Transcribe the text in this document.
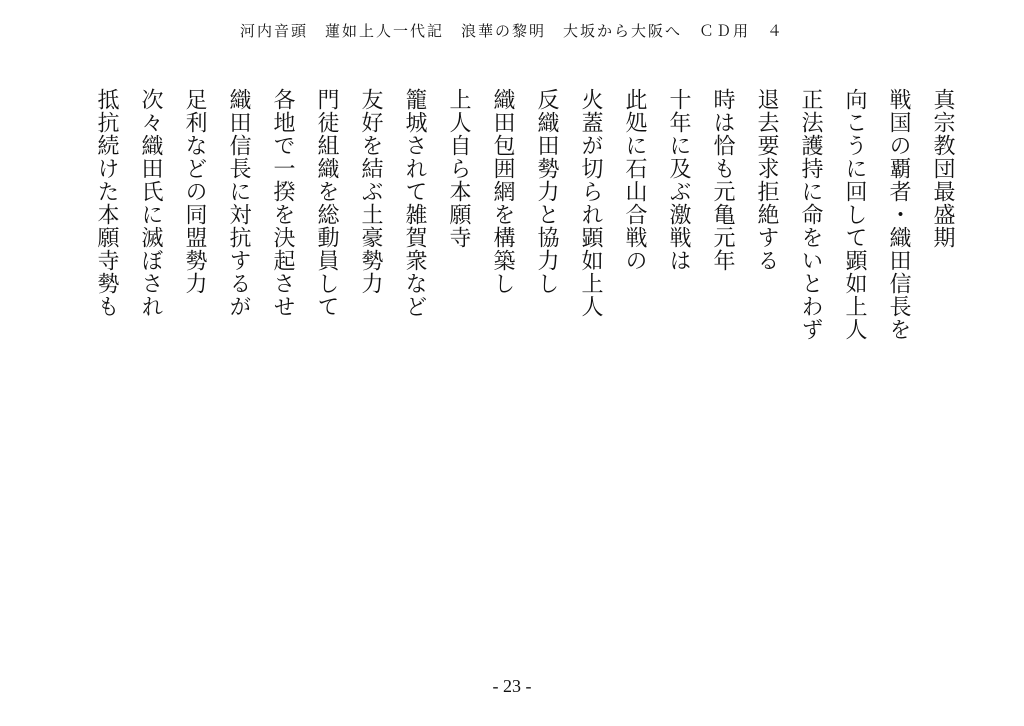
河内音頭　蓮如上人一代記　浪華の黎明　大坂から大阪へ　ＣＤ用　４
真宗教団最盛期
戦国の覇者・織田信長を
向こうに回して顕如上人
正法護持に命をいとわず
退去要求拒絶する
時は恰も元亀元年
十年に及ぶ激戦は
此処に石山合戦の
火蓋が切られ顕如上人
反織田勢力と協力し
織田包囲網を構築し
上人自ら本願寺
籠城されて雑賀衆など
友好を結ぶ土豪勢力
門徒組織を総動員して
各地で一揆を決起させ
織田信長に対抗するが
足利などの同盟勢力
次々織田氏に滅ぼされ
抵抗続けた本願寺勢も
- 23 -
